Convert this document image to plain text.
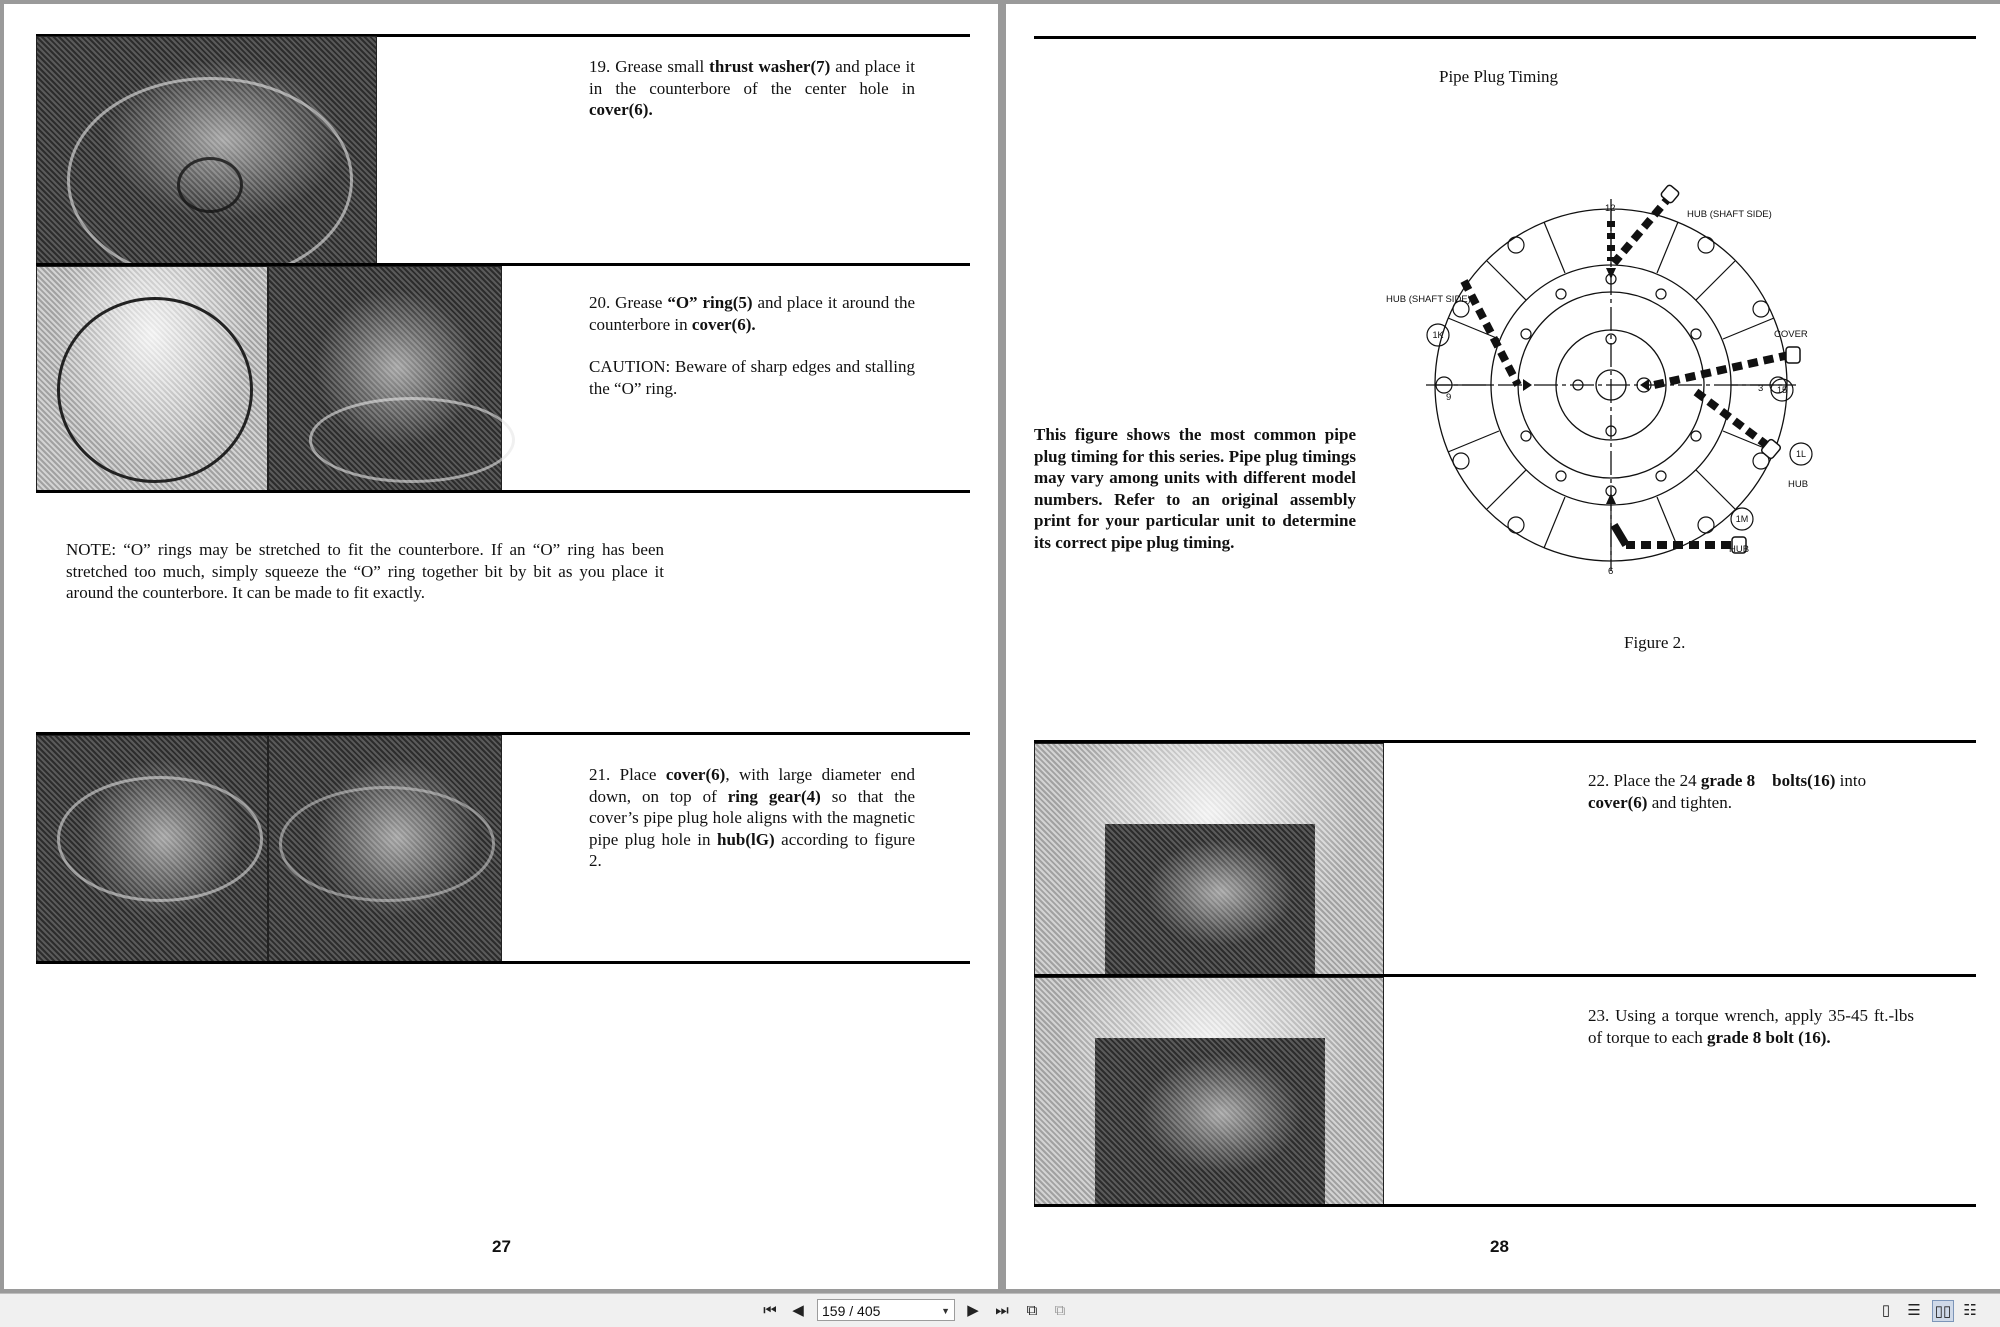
19. Grease small thrust washer(7) and place it in the counterbore of the center hole in cover(6).

20. Grease “O” ring(5) and place it around the counterbore in cover(6).

CAUTION: Beware of sharp edges and stalling the “O” ring.

NOTE: “O” rings may be stretched to fit the counterbore. If an “O” ring has been stretched too much, simply squeeze the “O” ring together bit by bit as you place it around the counterbore. It can be made to fit exactly.
21. Place cover(6), with large diameter end down, on top of ring gear(4) so that the cover’s pipe plug hole aligns with the magnetic pipe plug hole in hub(lG) according to figure 2.
27
Pipe Plug Timing
This figure shows the most common pipe plug timing for this series. Pipe plug timings may vary among units with different model numbers. Refer to an original assembly print for your particular unit to determine its correct pipe plug timing.
HUB (SHAFT SIDE)
HUB (SHAFT SIDE)
COVER
HUB
HUB
12
3
6
9
1K
15
1L
1M
Figure 2.
22. Place the 24 grade 8 bolts(16) into cover(6) and tighten.
23. Using a torque wrench, apply 35-45 ft.-lbs of torque to each grade 8 bolt (16).
28
⏮ ◀	159 / 405	▼ ▶ ⏭	⧉	⧉	▯	☰ ▯▯ ☷
